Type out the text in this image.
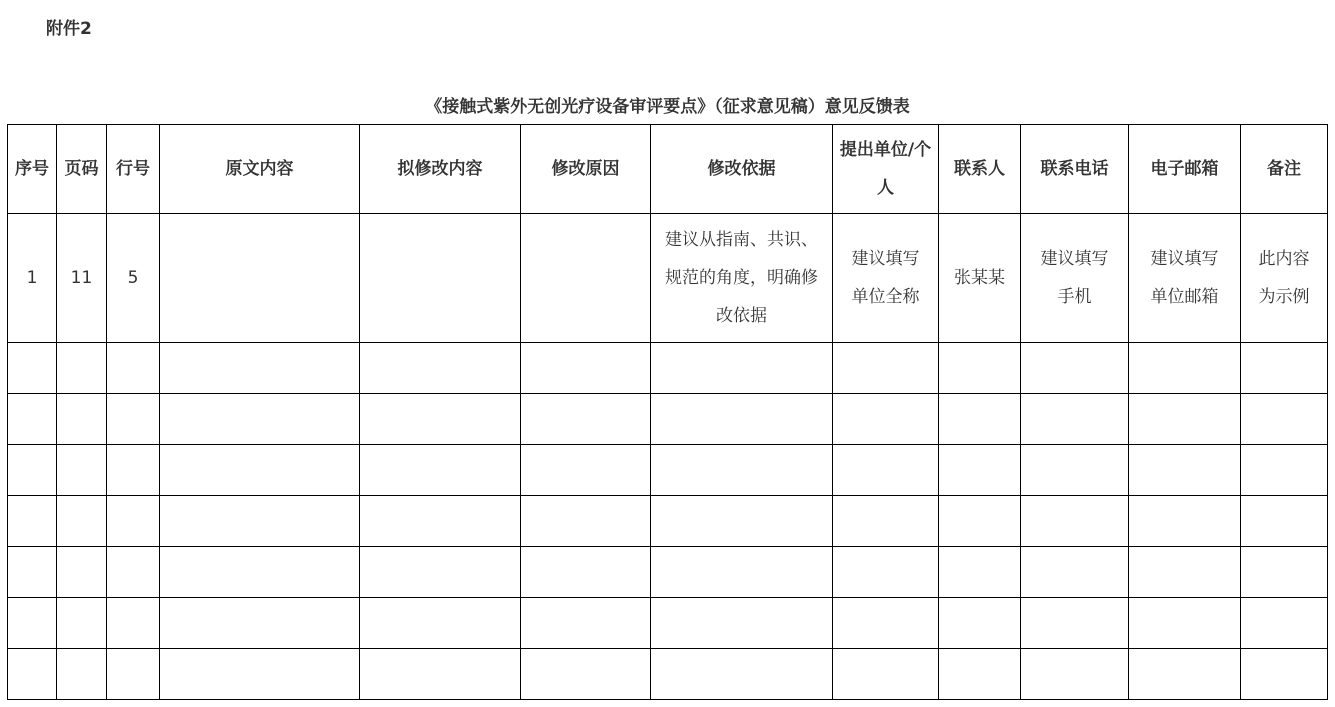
附件2
《接触式紫外无创光疗设备审评要点》（征求意见稿）意见反馈表
序号	页码	行号	原文内容	拟修改内容	修改原因	修改依据	提出单位/个人	联系人	联系电话	电子邮箱	备注
1	11	5				建议从指南、共识、规范的角度，明确修改依据	建议填写单位全称	张某某	建议填写手机	建议填写单位邮箱	此内容为示例
